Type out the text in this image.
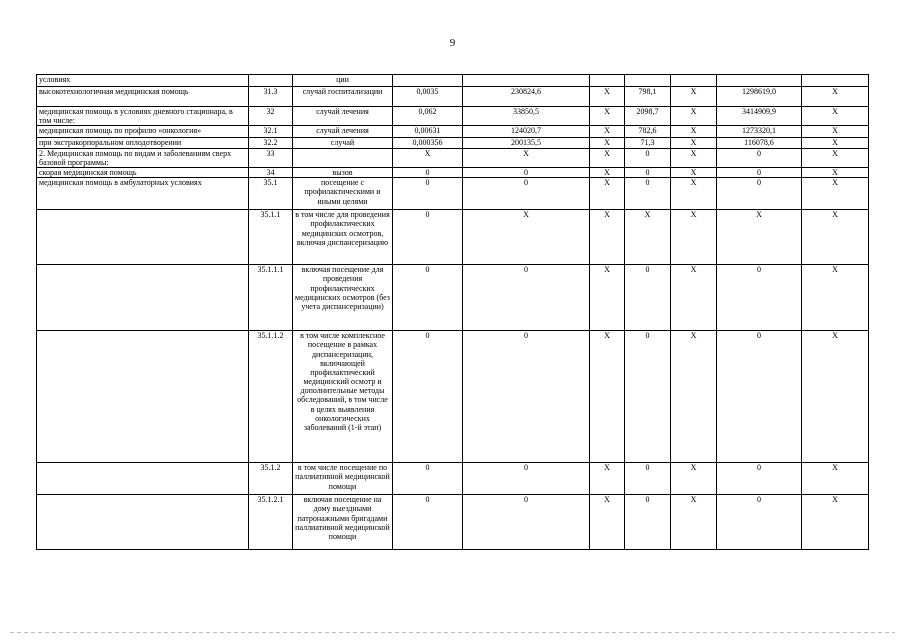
9
условиях		ции							
высокотехнологичная медицинская помощь	31.3	случай госпитализации	0,0035	230824,6	Х	798,1	Х	1298619,0	Х
медицинская помощь в условиях дневного стационара, в том числе:	32	случай лечения	0,062	33850,5	Х	2098,7	Х	3414909,9	Х
медицинская помощь по профилю «онкология»	32.1	случай лечения	0,00631	124020,7	Х	782,6	Х	1273320,1	Х
при экстракорпоральном оплодотворении	32.2	случай	0,000356	200135,5	Х	71,3	Х	116078,6	Х
2. Медицинская помощь по видам и заболеваниям сверх базовой программы:	33		Х	Х	Х	0	Х	0	Х
скорая медицинская помощь	34	вызов	0	0	Х	0	Х	0	Х
медицинская помощь в амбулаторных условиях	35.1	посещение с профилактическими и иными целями	0	0	Х	0	Х	0	Х
	35.1.1	в том числе для проведения профилактических медицинских осмотров, включая диспансеризацию	0	Х	Х	Х	Х	Х	Х
	35.1.1.1	включая посещение для проведения профилактических медицинских осмотров (без учета диспансеризации)	0	0	Х	0	Х	0	Х
	35.1.1.2	в том числе комплексное посещение в рамках диспансеризации, включающей профилактический медицинский осмотр и дополнительные методы обследований, в том числе в целях выявления онкологических заболеваний (1-й этап)	0	0	Х	0	Х	0	Х
	35.1.2	в том числе посещение по паллиативной медицинской помощи	0	0	Х	0	Х	0	Х
	35.1.2.1	включая посещение на дому выездными патронажными бригадами паллиативной медицинской помощи	0	0	Х	0	Х	0	Х
